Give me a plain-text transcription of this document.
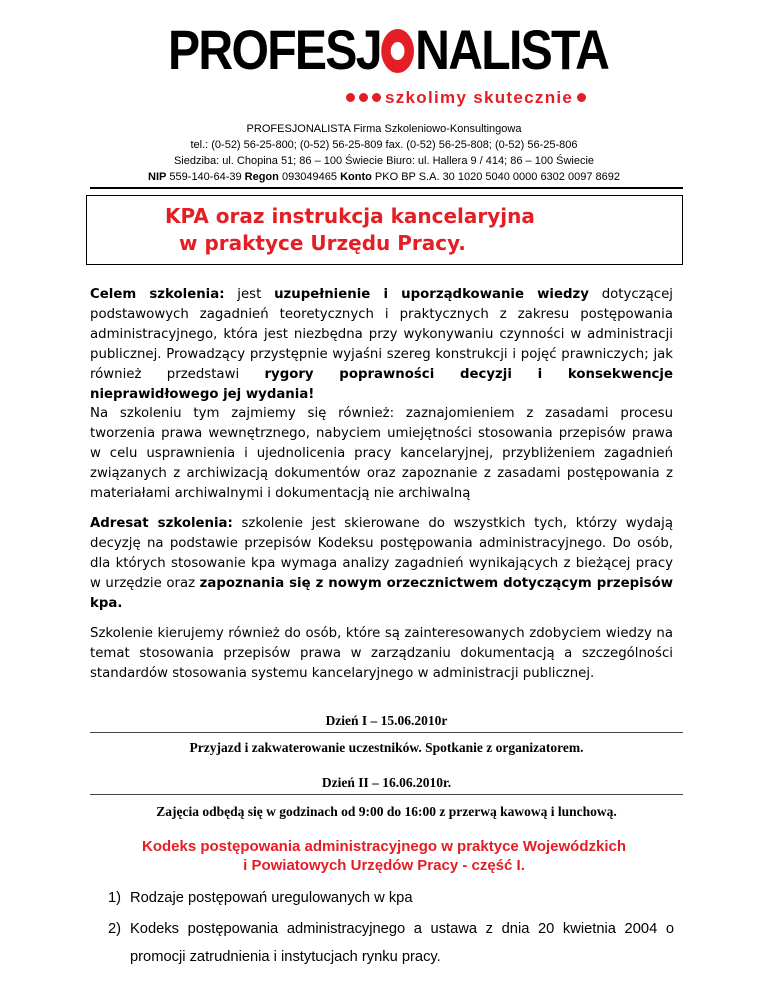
PROFESJ NALISTA
szkolimy skutecznie
PROFESJONALISTA Firma Szkoleniowo-Konsultingowa
tel.: (0-52) 56-25-800; (0-52) 56-25-809 fax. (0-52) 56-25-808; (0-52) 56-25-806
Siedziba: ul. Chopina 51; 86 – 100 Świecie Biuro: ul. Hallera 9 / 414; 86 – 100 Świecie
NIP 559-140-64-39 Regon 093049465 Konto PKO BP S.A. 30 1020 5040 0000 6302 0097 8692
KPA oraz instrukcja kancelaryjna
w praktyce Urzędu Pracy.
Celem szkolenia: jest uzupełnienie i uporządkowanie wiedzy dotyczącej podstawowych zagadnień teoretycznych i praktycznych z zakresu postępowania administracyjnego, która jest niezbędna przy wykonywaniu czynności w administracji publicznej. Prowadzący przystępnie wyjaśni szereg konstrukcji i pojęć prawniczych; jak również przedstawi rygory poprawności decyzji i konsekwencje nieprawidłowego jej wydania!
Na szkoleniu tym zajmiemy się również: zaznajomieniem z zasadami procesu tworzenia prawa wewnętrznego, nabyciem umiejętności stosowania przepisów prawa w celu usprawnienia i ujednolicenia pracy kancelaryjnej, przybliżeniem zagadnień związanych z archiwizacją dokumentów oraz zapoznanie z zasadami postępowania z materiałami archiwalnymi i dokumentacją nie archiwalną
Adresat szkolenia: szkolenie jest skierowane do wszystkich tych, którzy wydają decyzję na podstawie przepisów Kodeksu postępowania administracyjnego. Do osób, dla których stosowanie kpa wymaga analizy zagadnień wynikających z bieżącej pracy w urzędzie oraz zapoznania się z nowym orzecznictwem dotyczącym przepisów kpa.
Szkolenie kierujemy również do osób, które są zainteresowanych zdobyciem wiedzy na temat stosowania przepisów prawa w zarządzaniu dokumentacją a szczególności standardów stosowania systemu kancelaryjnego w administracji publicznej.
Dzień I – 15.06.2010r
Przyjazd i zakwaterowanie uczestników. Spotkanie z organizatorem.
Dzień II – 16.06.2010r.
Zajęcia odbędą się w godzinach od 9:00 do 16:00 z przerwą kawową i lunchową.
Kodeks postępowania administracyjnego w praktyce Wojewódzkich
i Powiatowych Urzędów Pracy - część I.
1) Rodzaje postępowań uregulowanych w kpa
2) Kodeks postępowania administracyjnego a ustawa z dnia 20 kwietnia 2004 o promocji zatrudnienia i instytucjach rynku pracy.
